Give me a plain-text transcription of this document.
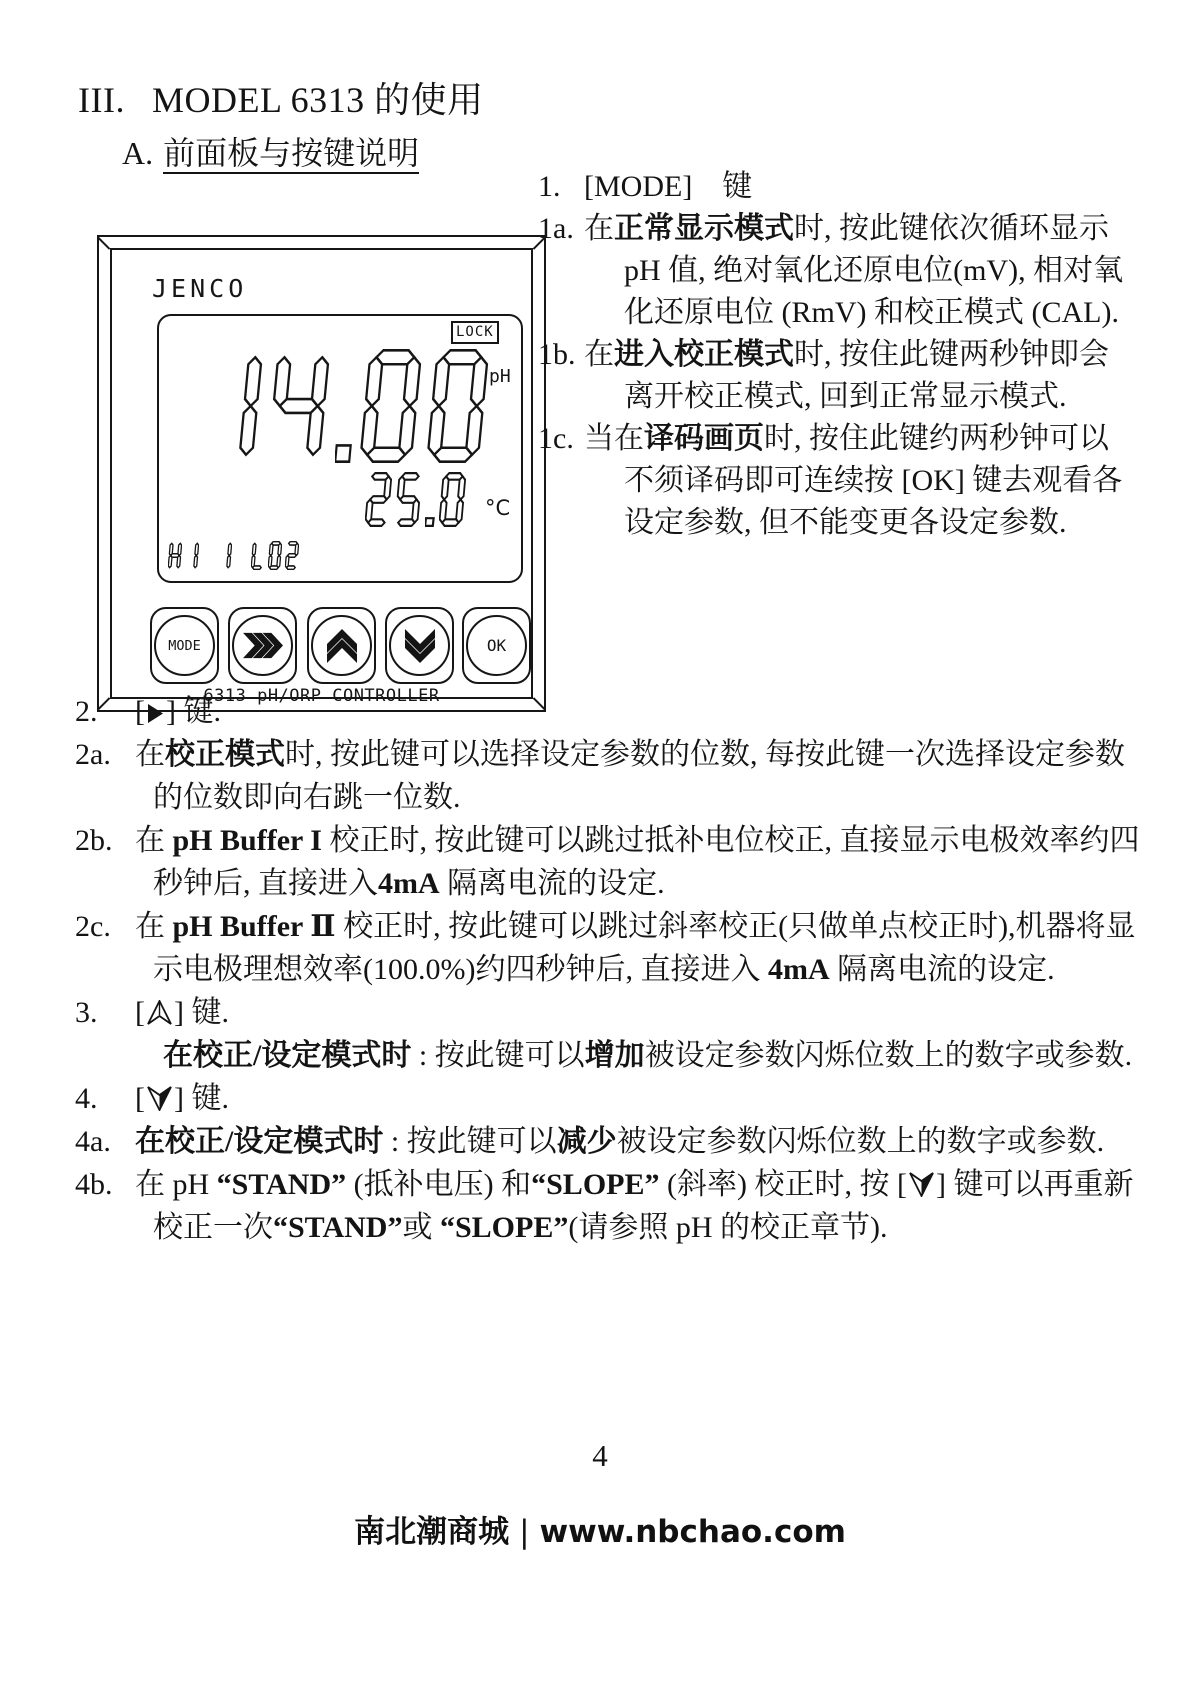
III. MODEL 6313 的使用
A. 前面板与按键说明
JENCO
LOCK
pH
°C
MODE	OK
6313 pH/ORP CONTROLLER
1. [MODE]　键
1a. 在正常显示模式时, 按此键依次循环显示 pH 值, 绝对氧化还原电位(mV), 相对氧化还原电位 (RmV) 和校正模式 (CAL).
1b. 在进入校正模式时, 按住此键两秒钟即会离开校正模式, 回到正常显示模式.
1c. 当在译码画页时, 按住此键约两秒钟可以不须译码即可连续按 [OK] 键去观看各设定参数, 但不能变更各设定参数.
2.	[ ] 键.
2a. 在校正模式时, 按此键可以选择设定参数的位数, 每按此键一次选择设定参数的位数即向右跳一位数.
2b. 在 pH Buffer I 校正时, 按此键可以跳过抵补电位校正, 直接显示电极效率约四秒钟后, 直接进入4mA 隔离电流的设定.
2c. 在 pH Buffer Ⅱ 校正时, 按此键可以跳过斜率校正(只做单点校正时),机器将显示电极理想效率(100.0%)约四秒钟后, 直接进入 4mA 隔离电流的设定.
3.	[ ] 键.
在校正/设定模式时 : 按此键可以增加被设定参数闪烁位数上的数字或参数.
4.	[ ] 键.
4a. 在校正/设定模式时 : 按此键可以减少被设定参数闪烁位数上的数字或参数.
4b. 在 pH “STAND” (抵补电压) 和“SLOPE” (斜率) 校正时, 按 [ ] 键可以再重新校正一次“STAND”或 “SLOPE”(请参照 pH 的校正章节).
4
南北潮商城 | www.nbchao.com
